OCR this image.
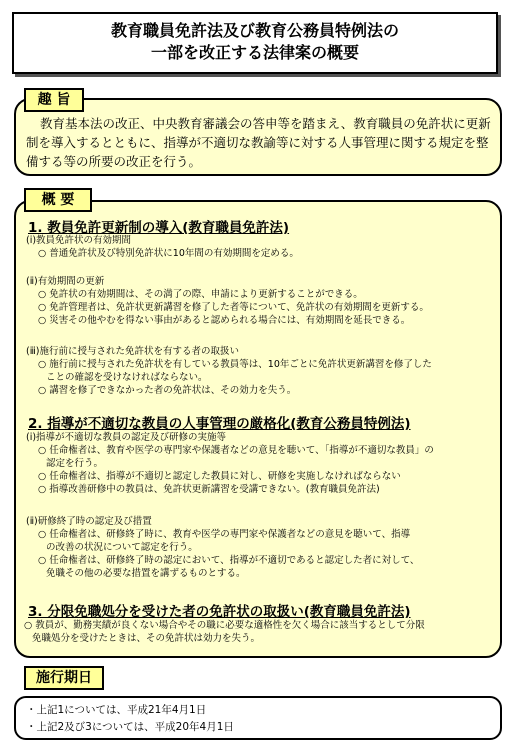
教育職員免許法及び教育公務員特例法の
一部を改正する法律案の概要
趣 旨
教育基本法の改正、中央教育審議会の答申等を踏まえ、教育職員の免許状に更新制を導入するとともに、指導が不適切な教諭等に対する人事管理に関する規定を整備する等の所要の改正を行う。
概 要
1. 教員免許更新制の導入(教育職員免許法)
(ⅰ)教員免許状の有効期間
○ 普通免許状及び特別免許状に10年間の有効期間を定める。
(ⅱ)有効期間の更新
○ 免許状の有効期間は、その満了の際、申請により更新することができる。
○ 免許管理者は、免許状更新講習を修了した者等について、免許状の有効期間を更新する。
○ 災害その他やむを得ない事由があると認められる場合には、有効期間を延長できる。
(ⅲ)施行前に授与された免許状を有する者の取扱い
○ 施行前に授与された免許状を有している教員等は、10年ごとに免許状更新講習を修了した
ことの確認を受けなければならない。
○ 講習を修了できなかった者の免許状は、その効力を失う。
2. 指導が不適切な教員の人事管理の厳格化(教育公務員特例法)
(ⅰ)指導が不適切な教員の認定及び研修の実施等
○ 任命権者は、教育や医学の専門家や保護者などの意見を聴いて、「指導が不適切な教員」の
認定を行う。
○ 任命権者は、指導が不適切と認定した教員に対し、研修を実施しなければならない
○ 指導改善研修中の教員は、免許状更新講習を受講できない。(教育職員免許法)
(ⅱ)研修終了時の認定及び措置
○ 任命権者は、研修終了時に、教育や医学の専門家や保護者などの意見を聴いて、指導
の改善の状況について認定を行う。
○ 任命権者は、研修終了時の認定において、指導が不適切であると認定した者に対して、
免職その他の必要な措置を講ずるものとする。
3. 分限免職処分を受けた者の免許状の取扱い(教育職員免許法)
○ 教員が、勤務実績が良くない場合やその職に必要な適格性を欠く場合に該当するとして分限
免職処分を受けたときは、その免許状は効力を失う。
施行期日
・上記1については、平成21年4月1日
・上記2及び3については、平成20年4月1日
